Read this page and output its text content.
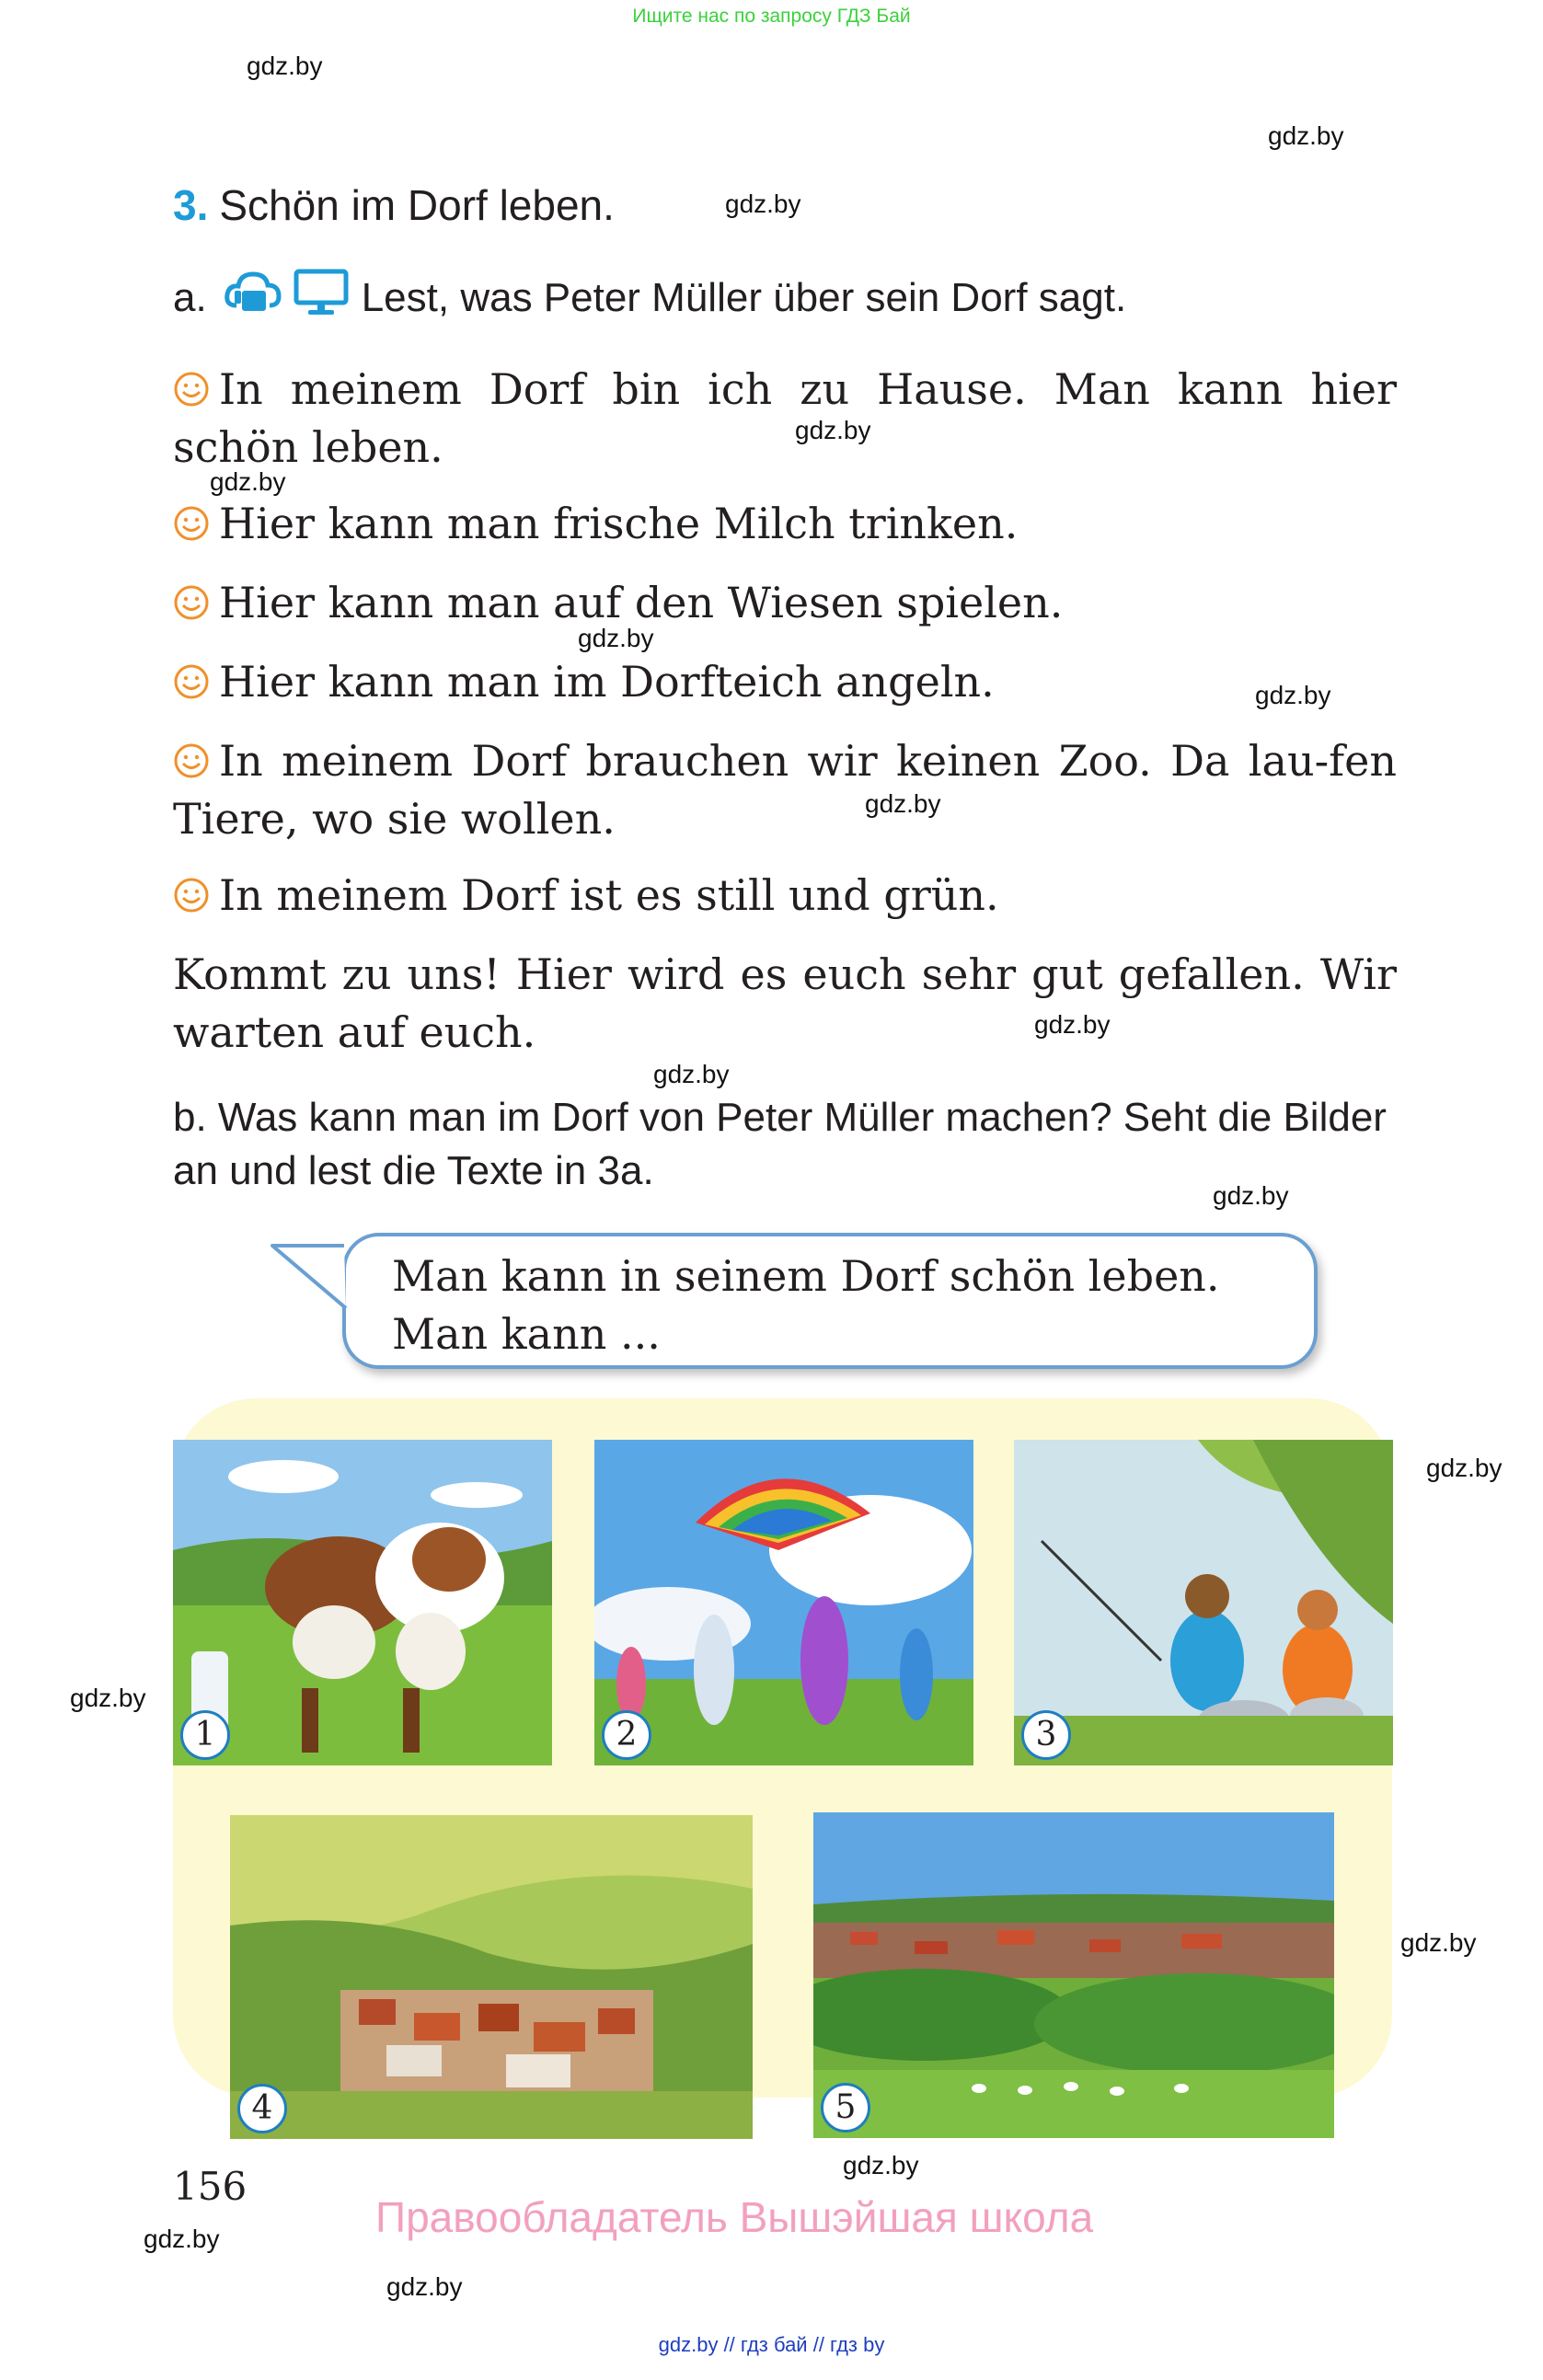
Ищите нас по запросу ГДЗ Бай
gdz.by
gdz.by
gdz.by
gdz.by
gdz.by
gdz.by
gdz.by
gdz.by
gdz.by
gdz.by
gdz.by
gdz.by
gdz.by
gdz.by
gdz.by
gdz.by
gdz.by
3. Schön im Dorf leben.
a.	Lest, was Peter Müller über sein Dorf sagt.
In meinem Dorf bin ich zu Hause. Man kann hier schön leben.
Hier kann man frische Milch trinken.
Hier kann man auf den Wiesen spielen.
Hier kann man im Dorfteich angeln.
In meinem Dorf brauchen wir keinen Zoo. Da lau-fen Tiere, wo sie wollen.
In meinem Dorf ist es still und grün.
Kommt zu uns! Hier wird es euch sehr gut gefallen. Wir warten auf euch.
b. Was kann man im Dorf von Peter Müller machen? Seht die Bilder an und lest die Texte in 3a.
Man kann in seinem Dorf schön leben.
Man kann ...
1	2	3
4	5
156
Правообладатель Вышэйшая школа
gdz.by // гдз бай // гдз by
